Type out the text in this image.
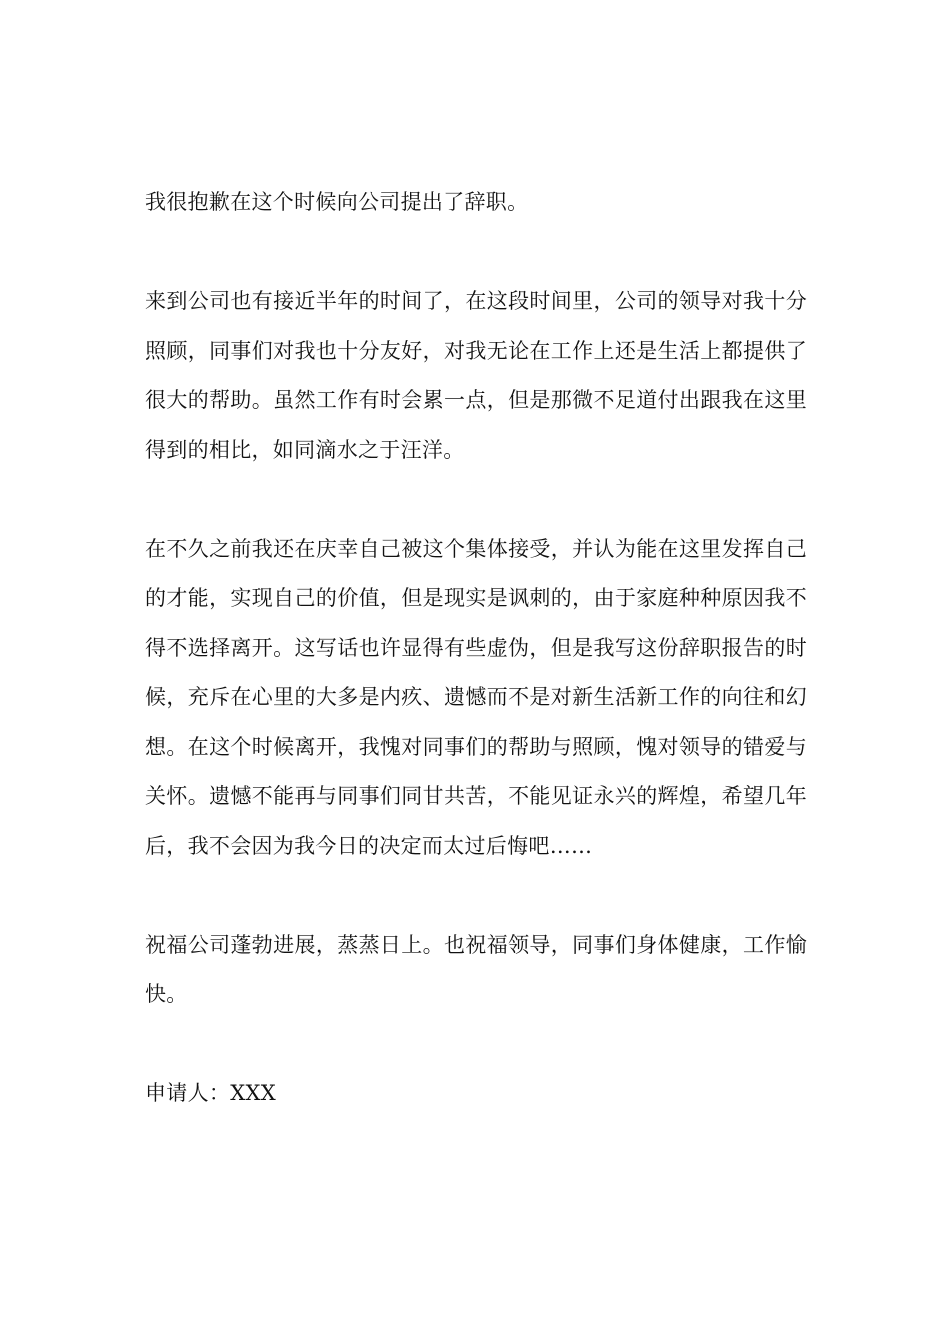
我很抱歉在这个时候向公司提出了辞职。

来到公司也有接近半年的时间了，在这段时间里，公司的领导对我十分照顾，同事们对我也十分友好，对我无论在工作上还是生活上都提供了很大的帮助。虽然工作有时会累一点，但是那微不足道付出跟我在这里得到的相比，如同滴水之于汪洋。

在不久之前我还在庆幸自己被这个集体接受，并认为能在这里发挥自己的才能，实现自己的价值，但是现实是讽刺的，由于家庭种种原因我不得不选择离开。这写话也许显得有些虚伪，但是我写这份辞职报告的时候，充斥在心里的大多是内疚、遗憾而不是对新生活新工作的向往和幻想。在这个时候离开，我愧对同事们的帮助与照顾，愧对领导的错爱与关怀。遗憾不能再与同事们同甘共苦，不能见证永兴的辉煌，希望几年后，我不会因为我今日的决定而太过后悔吧……

祝福公司蓬勃进展，蒸蒸日上。也祝福领导，同事们身体健康，工作愉快。

申请人：XXX
